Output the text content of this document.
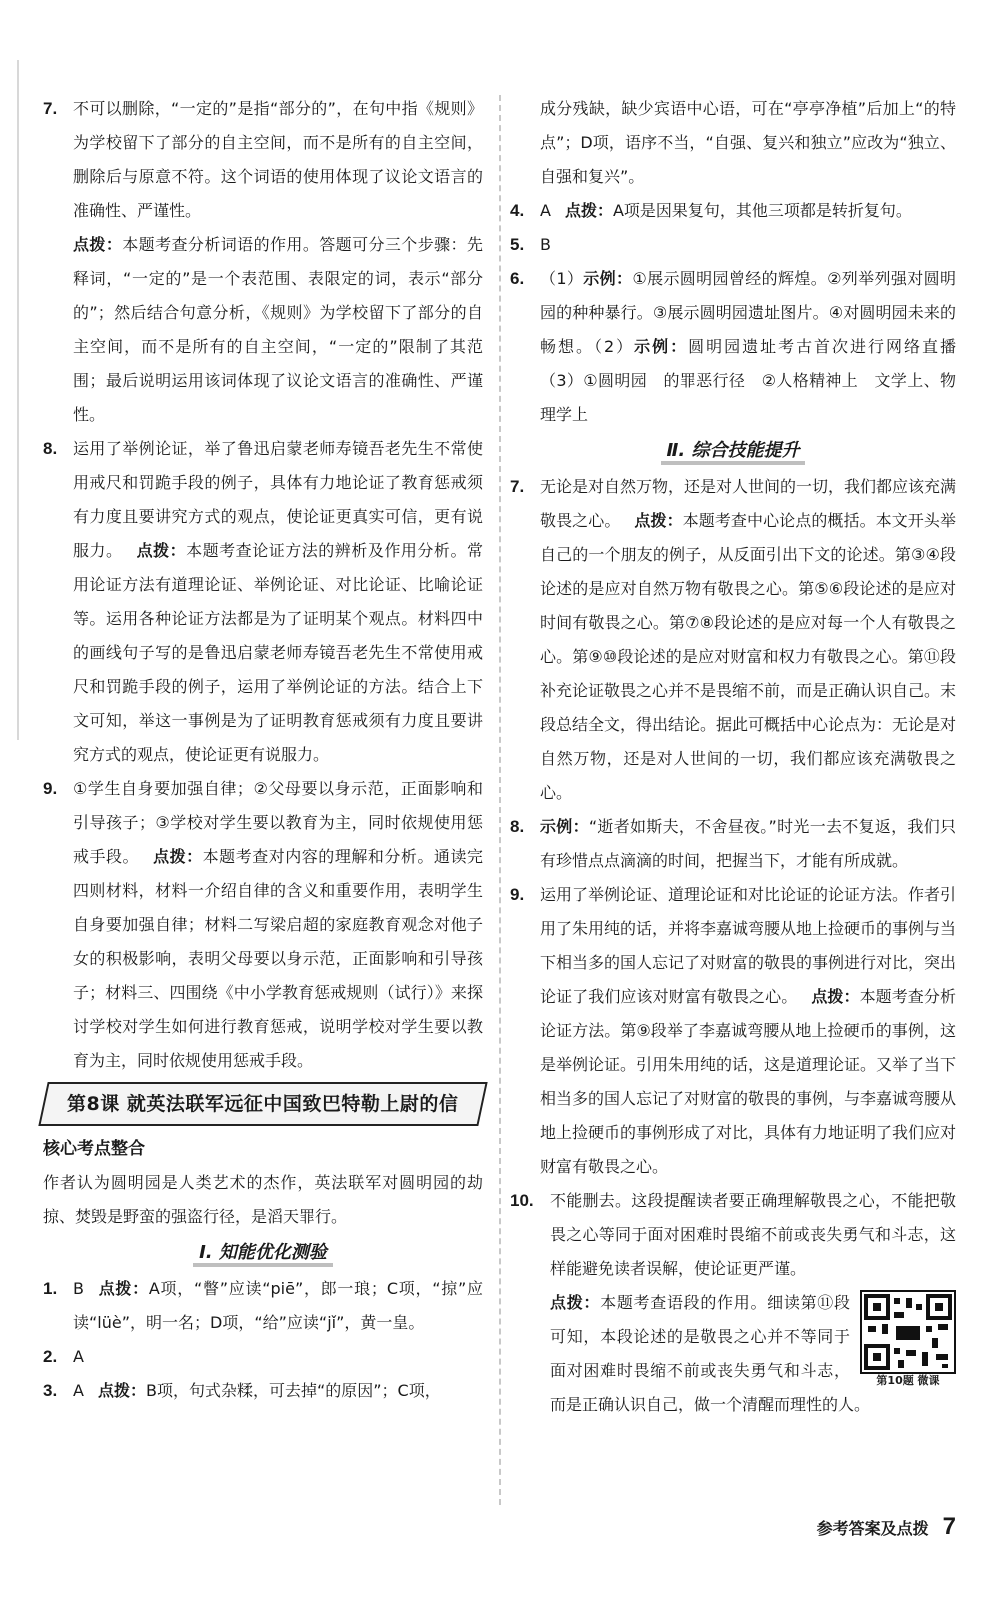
7. 不可以删除，“一定的”是指“部分的”，在句中指《规则》为学校留下了部分的自主空间，而不是所有的自主空间，删除后与原意不符。这个词语的使用体现了议论文语言的准确性、严谨性。
点拨：本题考查分析词语的作用。答题可分三个步骤：先释词，“一定的”是一个表范围、表限定的词，表示“部分的”；然后结合句意分析，《规则》为学校留下了部分的自主空间，而不是所有的自主空间，“一定的”限制了其范围；最后说明运用该词体现了议论文语言的准确性、严谨性。
8. 运用了举例论证，举了鲁迅启蒙老师寿镜吾老先生不常使用戒尺和罚跪手段的例子，具体有力地论证了教育惩戒须有力度且要讲究方式的观点，使论证更真实可信，更有说服力。 点拨：本题考查论证方法的辨析及作用分析。常用论证方法有道理论证、举例论证、对比论证、比喻论证等。运用各种论证方法都是为了证明某个观点。材料四中的画线句子写的是鲁迅启蒙老师寿镜吾老先生不常使用戒尺和罚跪手段的例子，运用了举例论证的方法。结合上下文可知，举这一事例是为了证明教育惩戒须有力度且要讲究方式的观点，使论证更有说服力。
9. ①学生自身要加强自律；②父母要以身示范，正面影响和引导孩子；③学校对学生要以教育为主，同时依规使用惩戒手段。 点拨：本题考查对内容的理解和分析。通读完四则材料，材料一介绍自律的含义和重要作用，表明学生自身要加强自律；材料二写梁启超的家庭教育观念对他子女的积极影响，表明父母要以身示范，正面影响和引导孩子；材料三、四围绕《中小学教育惩戒规则（试行）》来探讨学校对学生如何进行教育惩戒，说明学校对学生要以教育为主，同时依规使用惩戒手段。
第8课 就英法联军远征中国致巴特勒上尉的信
核心考点整合
作者认为圆明园是人类艺术的杰作，英法联军对圆明园的劫掠、焚毁是野蛮的强盗行径，是滔天罪行。
Ⅰ. 知能优化测验
1. B 点拨：A项，“瞥”应读“piē”，郎一琅；C项，“掠”应读“lüè”，明一名；D项，“给”应读“jǐ”，黄一皇。
2. A
3. A 点拨：B项，句式杂糅，可去掉“的原因”；C项，
成分残缺，缺少宾语中心语，可在“亭亭净植”后加上“的特点”；D项，语序不当，“自强、复兴和独立”应改为“独立、自强和复兴”。
4. A 点拨：A项是因果复句，其他三项都是转折复句。
5. B
6. （1）示例：①展示圆明园曾经的辉煌。②列举列强对圆明园的种种暴行。③展示圆明园遗址图片。④对圆明园未来的畅想。（2）示例：圆明园遗址考古首次进行网络直播　（3）①圆明园　的罪恶行径　②人格精神上　文学上、物理学上
Ⅱ. 综合技能提升
7. 无论是对自然万物，还是对人世间的一切，我们都应该充满敬畏之心。 点拨：本题考查中心论点的概括。本文开头举自己的一个朋友的例子，从反面引出下文的论述。第③④段论述的是应对自然万物有敬畏之心。第⑤⑥段论述的是应对时间有敬畏之心。第⑦⑧段论述的是应对每一个人有敬畏之心。第⑨⑩段论述的是应对财富和权力有敬畏之心。第⑪段补充论证敬畏之心并不是畏缩不前，而是正确认识自己。末段总结全文，得出结论。据此可概括中心论点为：无论是对自然万物，还是对人世间的一切，我们都应该充满敬畏之心。
8. 示例：“逝者如斯夫，不舍昼夜。”时光一去不复返，我们只有珍惜点点滴滴的时间，把握当下，才能有所成就。
9. 运用了举例论证、道理论证和对比论证的论证方法。作者引用了朱用纯的话，并将李嘉诚弯腰从地上捡硬币的事例与当下相当多的国人忘记了对财富的敬畏的事例进行对比，突出论证了我们应该对财富有敬畏之心。 点拨：本题考查分析论证方法。第⑨段举了李嘉诚弯腰从地上捡硬币的事例，这是举例论证。引用朱用纯的话，这是道理论证。又举了当下相当多的国人忘记了对财富的敬畏的事例，与李嘉诚弯腰从地上捡硬币的事例形成了对比，具体有力地证明了我们应对财富有敬畏之心。
10.	不能删去。这段提醒读者要正确理解敬畏之心，不能把敬畏之心等同于面对困难时畏缩不前或丧失勇气和斗志，这样能避免读者误解，使论证更严谨。
第10题 微课
点拨：本题考查语段的作用。细读第⑪段可知，本段论述的是敬畏之心并不等同于面对困难时畏缩不前或丧失勇气和斗志，而是正确认识自己，做一个清醒而理性的人。
参考答案及点拨 7
